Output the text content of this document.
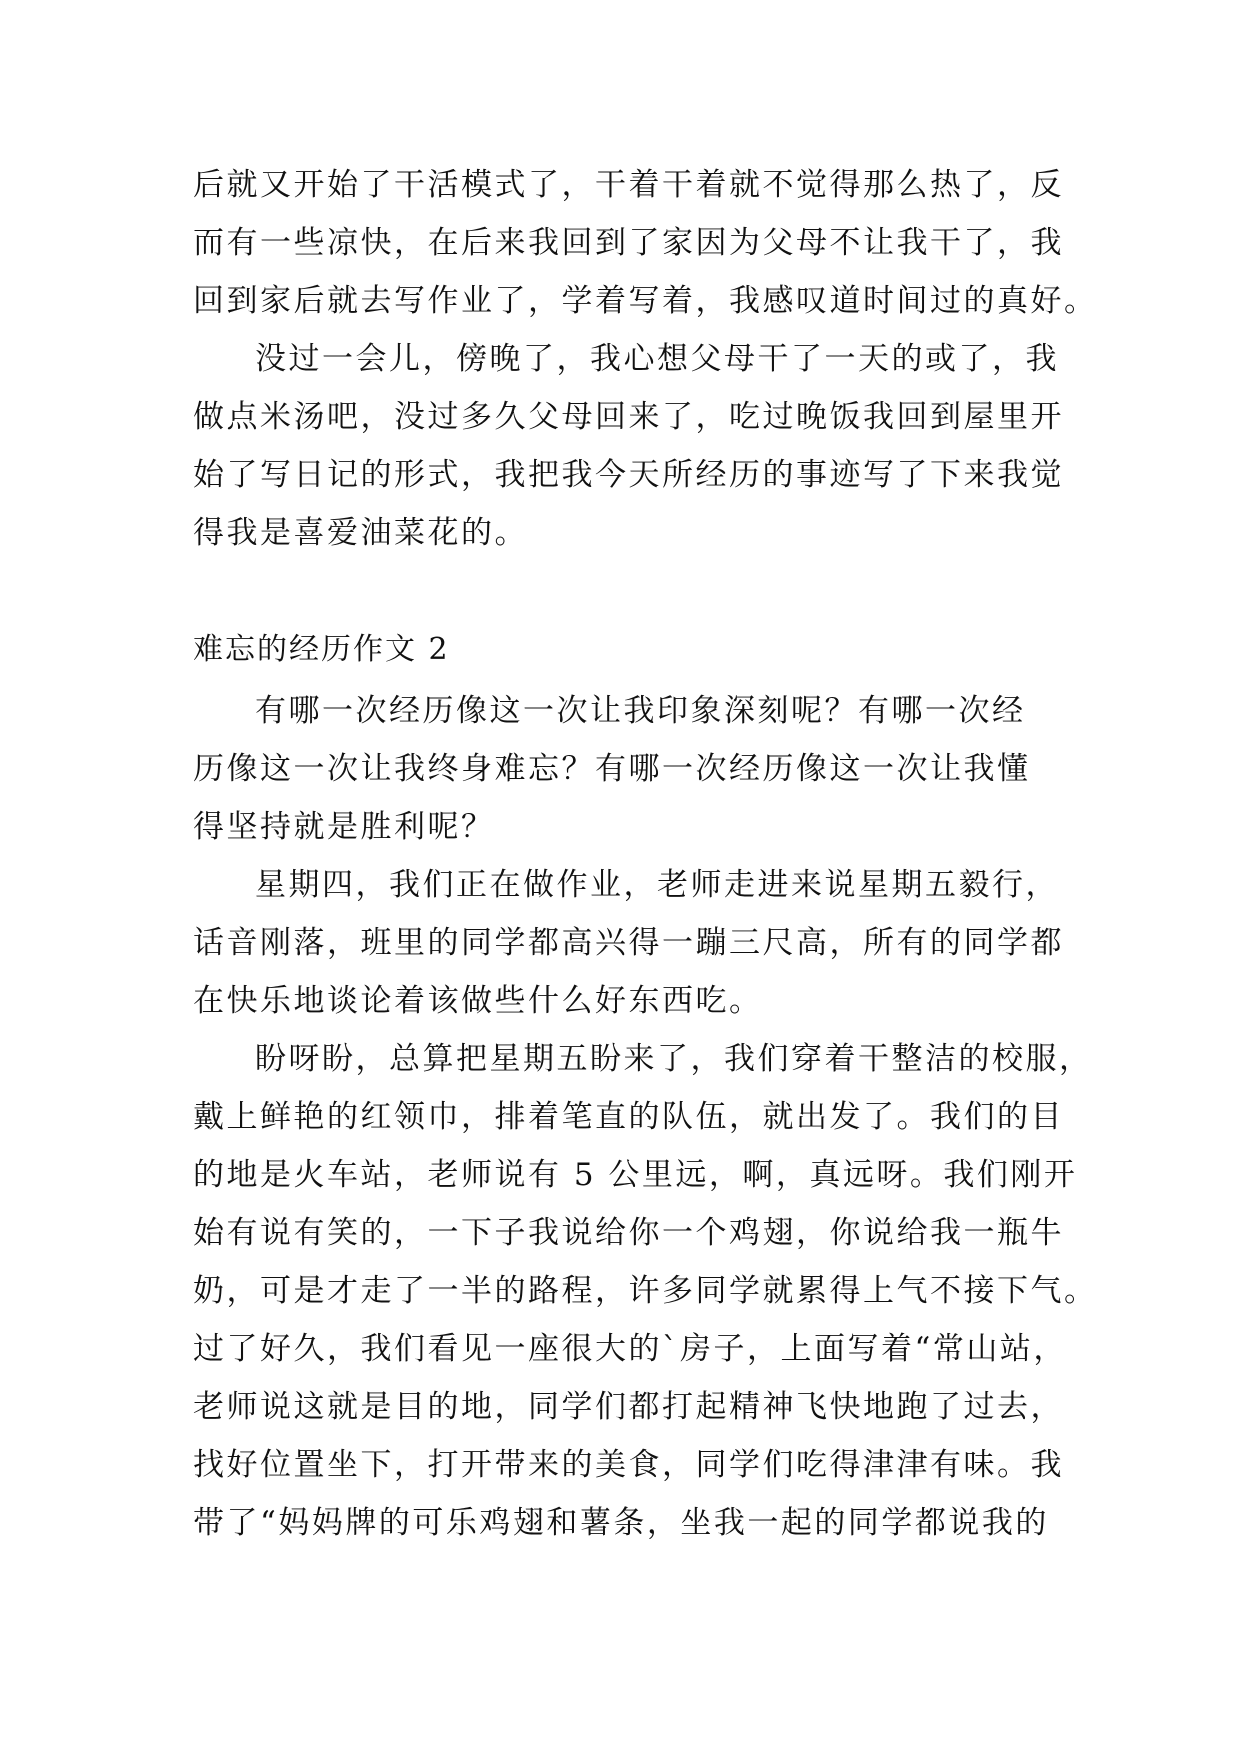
后就又开始了干活模式了，干着干着就不觉得那么热了，反
而有一些凉快，在后来我回到了家因为父母不让我干了，我
回到家后就去写作业了，学着写着，我感叹道时间过的真好。
没过一会儿，傍晚了，我心想父母干了一天的或了，我
做点米汤吧，没过多久父母回来了，吃过晚饭我回到屋里开
始了写日记的形式，我把我今天所经历的事迹写了下来我觉
得我是喜爱油菜花的。
难忘的经历作文 2
有哪一次经历像这一次让我印象深刻呢？有哪一次经
历像这一次让我终身难忘？有哪一次经历像这一次让我懂
得坚持就是胜利呢？
星期四，我们正在做作业，老师走进来说星期五毅行，
话音刚落，班里的同学都高兴得一蹦三尺高，所有的同学都
在快乐地谈论着该做些什么好东西吃。
盼呀盼，总算把星期五盼来了，我们穿着干整洁的校服，
戴上鲜艳的红领巾，排着笔直的队伍，就出发了。我们的目
的地是火车站，老师说有 5 公里远，啊，真远呀。我们刚开
始有说有笑的，一下子我说给你一个鸡翅，你说给我一瓶牛
奶，可是才走了一半的路程，许多同学就累得上气不接下气。
过了好久，我们看见一座很大的`房子，上面写着“常山站，
老师说这就是目的地，同学们都打起精神飞快地跑了过去，
找好位置坐下，打开带来的美食，同学们吃得津津有味。我
带了“妈妈牌的可乐鸡翅和薯条，坐我一起的同学都说我的
